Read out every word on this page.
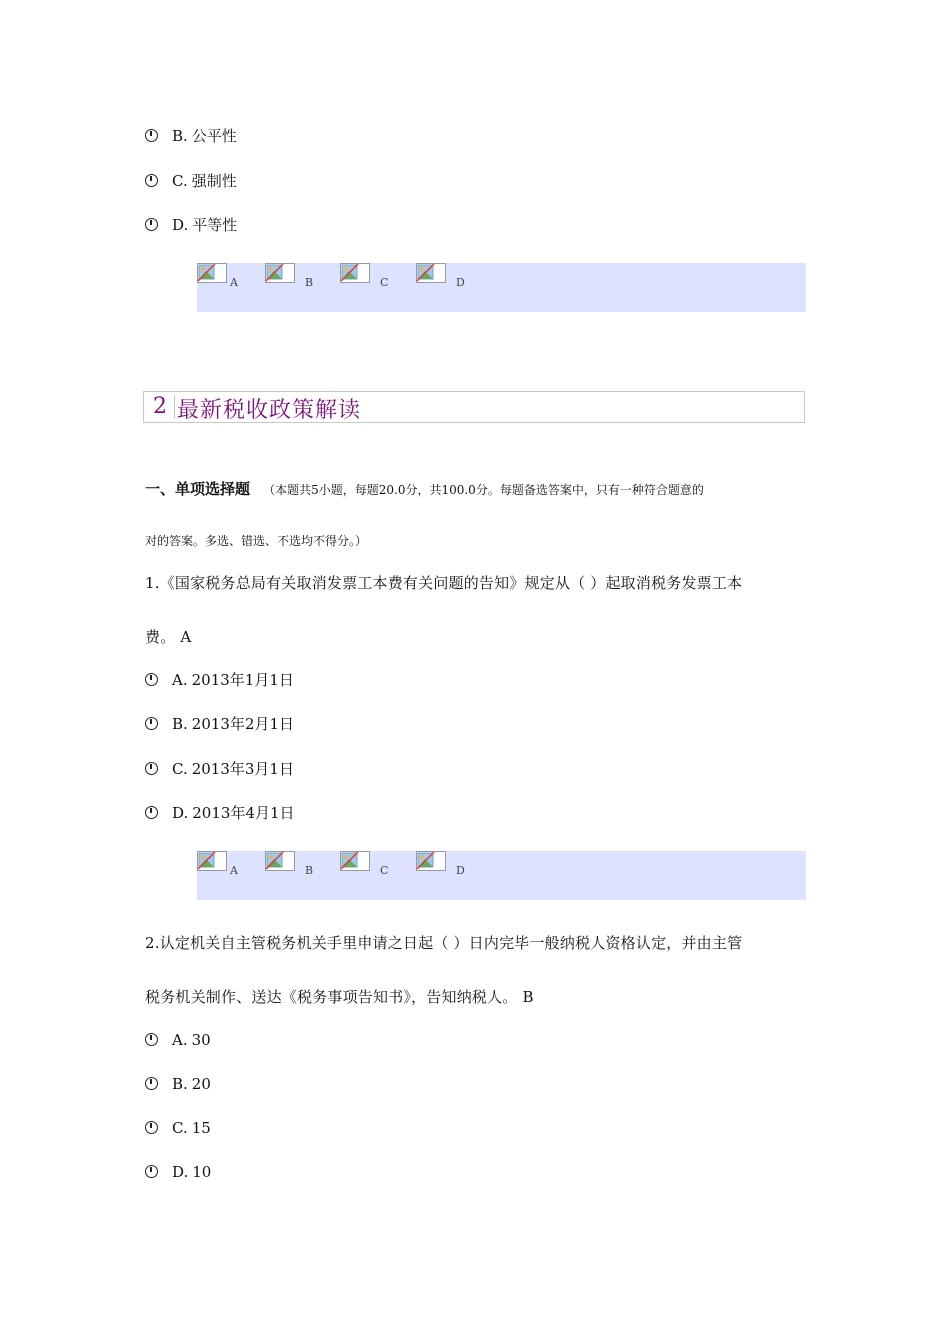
B. 公平性
C. 强制性
D. 平等性
A	B	C	D
2 最新税收政策解读
一、单项选择题 （本题共5小题，每题20.0分，共100.0分。每题备选答案中，只有一种符合题意的
对的答案。多选、错选、不选均不得分。）
1.《国家税务总局有关取消发票工本费有关问题的告知》规定从（ ）起取消税务发票工本
费。 A
A. 2013年1月1日
B. 2013年2月1日
C. 2013年3月1日
D. 2013年4月1日
A	B	C	D
2.认定机关自主管税务机关手里申请之日起（ ）日内完毕一般纳税人资格认定，并由主管
税务机关制作、送达《税务事项告知书》，告知纳税人。 B
A. 30
B. 20
C. 15
D. 10
